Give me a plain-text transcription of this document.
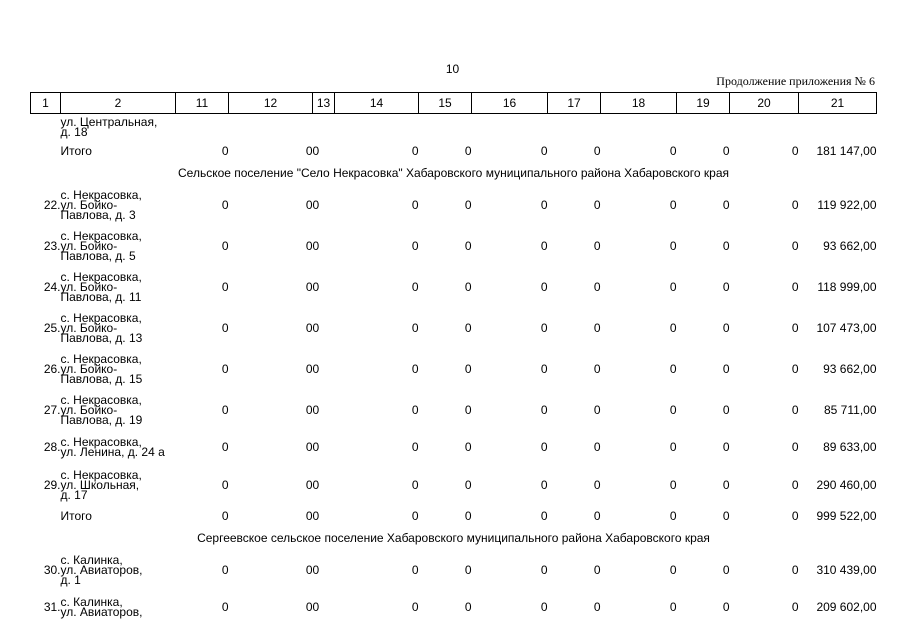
10
Продолжение приложения № 6
1	2	11	12	13	14	15	16	17	18	19	20	21

	ул. Центральная,
д. 18											

	Итого	0	0	0	0	0	0	0	0	0	0	181 147,00
Сельское поселение "Село Некрасовка" Хабаровского муниципального района Хабаровского края												
22.	с. Некрасовка,
ул. Бойко-
Павлова, д. 3	0	0	0	0	0	0	0	0	0	0	119 922,00
23.	с. Некрасовка,
ул. Бойко-
Павлова, д. 5	0	0	0	0	0	0	0	0	0	0	93 662,00
24.	с. Некрасовка,
ул. Бойко-
Павлова, д. 11	0	0	0	0	0	0	0	0	0	0	118 999,00
25.	с. Некрасовка,
ул. Бойко-
Павлова, д. 13	0	0	0	0	0	0	0	0	0	0	107 473,00
26.	с. Некрасовка,
ул. Бойко-
Павлова, д. 15	0	0	0	0	0	0	0	0	0	0	93 662,00
27.	с. Некрасовка,
ул. Бойко-
Павлова, д. 19	0	0	0	0	0	0	0	0	0	0	85 711,00
28.	с. Некрасовка,
ул. Ленина, д. 24 а	0	0	0	0	0	0	0	0	0	0	89 633,00
29.	с. Некрасовка,
ул. Школьная,
д. 17	0	0	0	0	0	0	0	0	0	0	290 460,00
	Итого	0	0	0	0	0	0	0	0	0	0	999 522,00
Сергеевское сельское поселение Хабаровского муниципального района Хабаровского края												
30.	с. Калинка,
ул. Авиаторов,
д. 1	0	0	0	0	0	0	0	0	0	0	310 439,00
31.	с. Калинка,
ул. Авиаторов,	0	0	0	0	0	0	0	0	0	0	209 602,00
